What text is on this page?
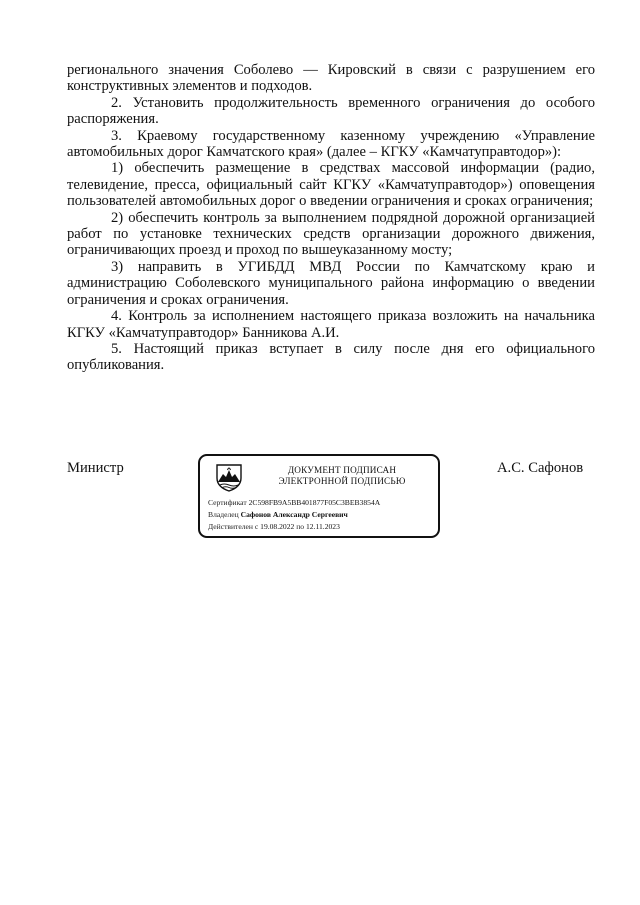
регионального значения Соболево — Кировский в связи с разрушением его конструктивных элементов и подходов.

2. Установить продолжительность временного ограничения до особого распоряжения.

3. Краевому государственному казенному учреждению «Управление автомобильных дорог Камчатского края» (далее – КГКУ «Камчатуправтодор»):

1) обеспечить размещение в средствах массовой информации (радио, телевидение, пресса, официальный сайт КГКУ «Камчатуправтодор») оповещения пользователей автомобильных дорог о введении ограничения и сроках ограничения;

2) обеспечить контроль за выполнением подрядной дорожной организацией работ по установке технических средств организации дорожного движения, ограничивающих проезд и проход по вышеуказанному мосту;

3) направить в УГИБДД МВД России по Камчатскому краю и администрацию Соболевского муниципального района информацию о введении ограничения и сроках ограничения.

4. Контроль за исполнением настоящего приказа возложить на начальника КГКУ «Камчатуправтодор» Банникова А.И.

5. Настоящий приказ вступает в силу после дня его официального опубликования.

Министр	ДОКУМЕНТ ПОДПИСАН
ЭЛЕКТРОННОЙ ПОДПИСЬЮ
Сертификат 2C598FB9A5BB401877F05C3BEB3854A
Владелец Сафонов Александр Сергеевич
Действителен с 19.08.2022 по 12.11.2023
А.С. Сафонов
